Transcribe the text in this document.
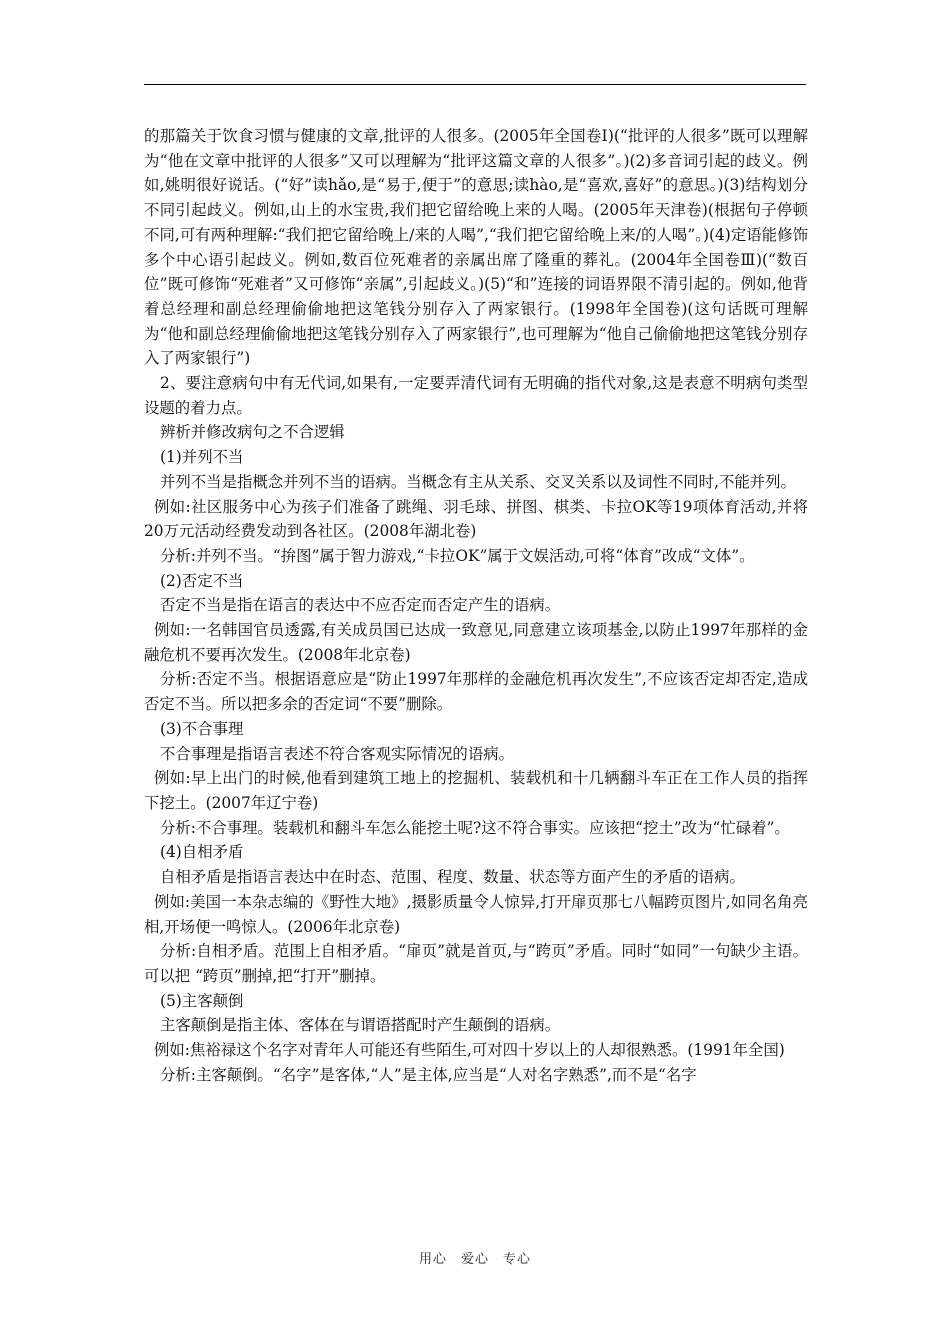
的那篇关于饮食习惯与健康的文章,批评的人很多。(2005年全国卷Ⅰ)(“批评的人很多”既可以理解为“他在文章中批评的人很多”又可以理解为“批评这篇文章的人很多”。)(2)多音词引起的歧义。例如,姚明很好说话。(“好”读hǎo,是“易于,便于”的意思;读hào,是“喜欢,喜好”的意思。)(3)结构划分不同引起歧义。例如,山上的水宝贵,我们把它留给晚上来的人喝。(2005年天津卷)(根据句子停顿不同,可有两种理解:“我们把它留给晚上/来的人喝”,“我们把它留给晚上来/的人喝”。)(4)定语能修饰多个中心语引起歧义。例如,数百位死难者的亲属出席了隆重的葬礼。(2004年全国卷Ⅲ)(“数百位”既可修饰“死难者”又可修饰“亲属”,引起歧义。)(5)“和”连接的词语界限不清引起的。例如,他背着总经理和副总经理偷偷地把这笔钱分别存入了两家银行。(1998年全国卷)(这句话既可理解为“他和副总经理偷偷地把这笔钱分别存入了两家银行”,也可理解为“他自己偷偷地把这笔钱分别存入了两家银行”)

2、要注意病句中有无代词,如果有,一定要弄清代词有无明确的指代对象,这是表意不明病句类型设题的着力点。

辨析并修改病句之不合逻辑

(1)并列不当

并列不当是指概念并列不当的语病。当概念有主从关系、交叉关系以及词性不同时,不能并列。

例如:社区服务中心为孩子们准备了跳绳、羽毛球、拼图、棋类、卡拉OK等19项体育活动,并将20万元活动经费发动到各社区。(2008年湖北卷)

分析:并列不当。“拚图”属于智力游戏,“卡拉OK”属于文娱活动,可将“体育”改成“文体”。

(2)否定不当

否定不当是指在语言的表达中不应否定而否定产生的语病。

例如:一名韩国官员透露,有关成员国已达成一致意见,同意建立该项基金,以防止1997年那样的金融危机不要再次发生。(2008年北京卷)

分析:否定不当。根据语意应是“防止1997年那样的金融危机再次发生”,不应该否定却否定,造成否定不当。所以把多余的否定词“不要”删除。

(3)不合事理

不合事理是指语言表述不符合客观实际情况的语病。

例如:早上出门的时候,他看到建筑工地上的挖掘机、装载机和十几辆翻斗车正在工作人员的指挥下挖土。(2007年辽宁卷)

分析:不合事理。装载机和翻斗车怎么能挖土呢?这不符合事实。应该把“挖土”改为“忙碌着”。

(4)自相矛盾

自相矛盾是指语言表达中在时态、范围、程度、数量、状态等方面产生的矛盾的语病。

例如:美国一本杂志编的《野性大地》,摄影质量令人惊异,打开扉页那七八幅跨页图片,如同名角亮相,开场便一鸣惊人。(2006年北京卷)

分析:自相矛盾。范围上自相矛盾。“扉页”就是首页,与“跨页”矛盾。同时“如同”一句缺少主语。可以把 “跨页”删掉,把“打开”删掉。

(5)主客颠倒

主客颠倒是指主体、客体在与谓语搭配时产生颠倒的语病。

例如:焦裕禄这个名字对青年人可能还有些陌生,可对四十岁以上的人却很熟悉。(1991年全国)

分析:主客颠倒。“名字”是客体,“人”是主体,应当是“人对名字熟悉”,而不是“名字

用心　爱心　专心
